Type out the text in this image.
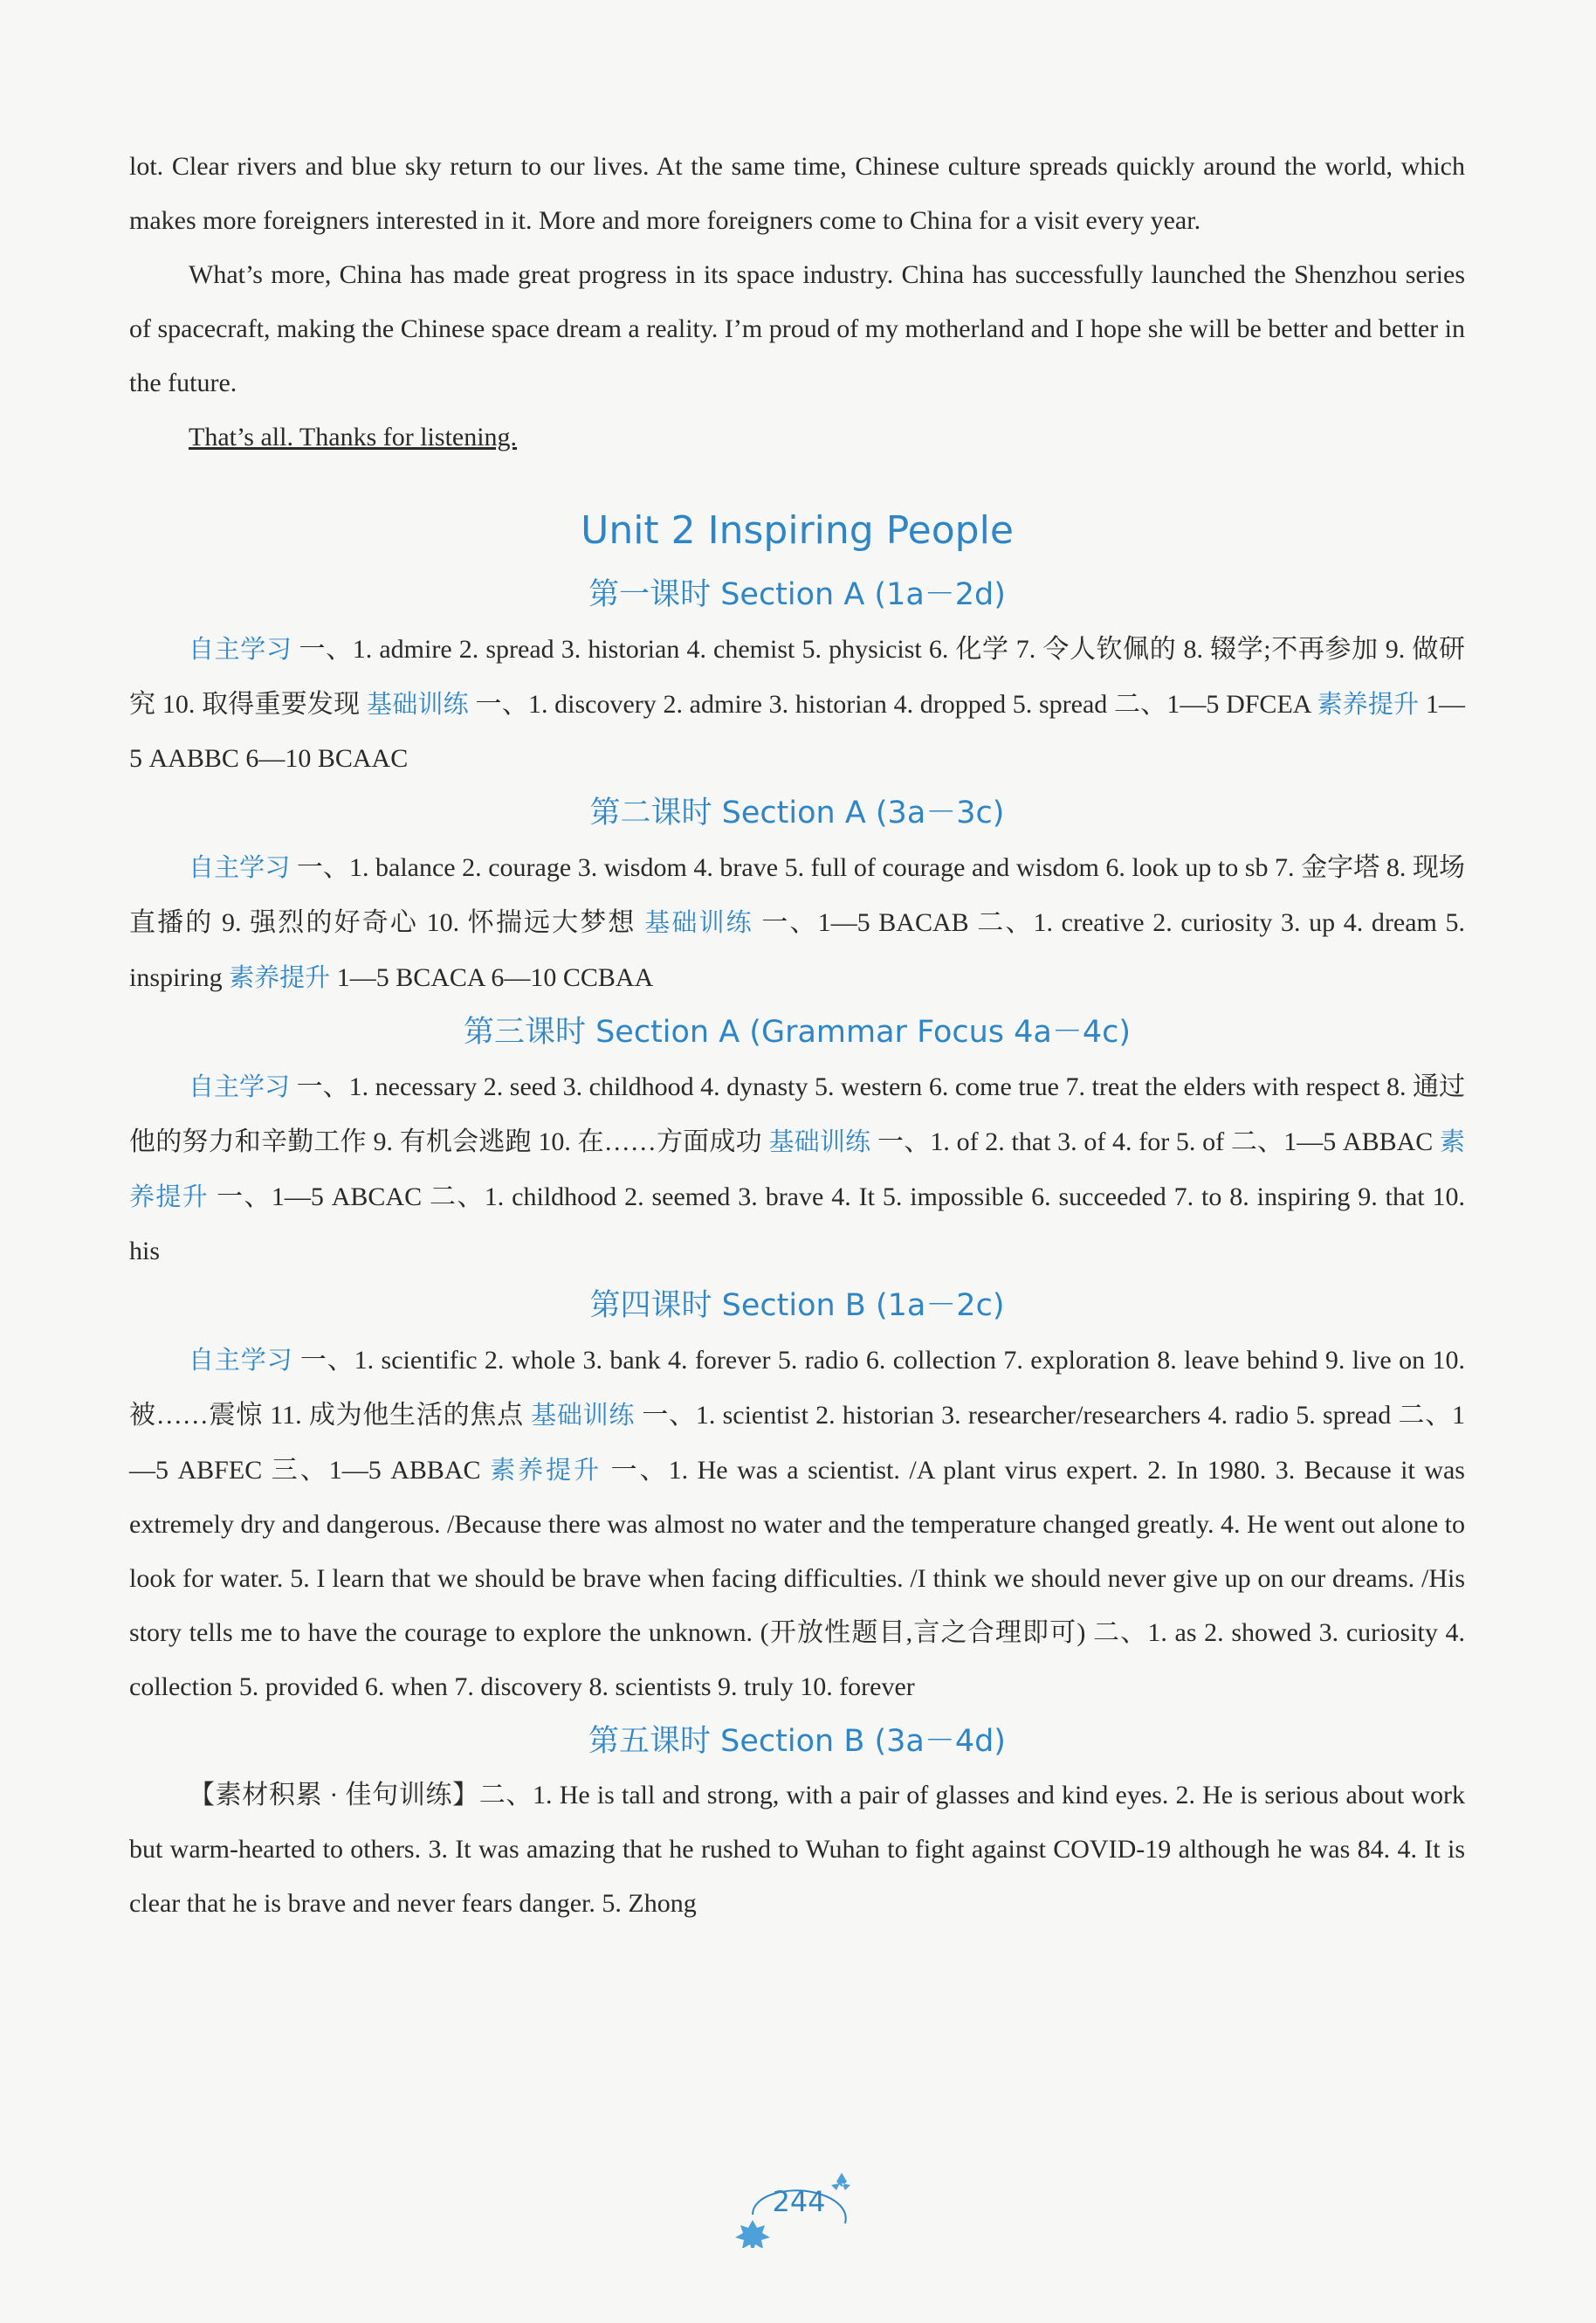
lot. Clear rivers and blue sky return to our lives. At the same time, Chinese culture spreads quickly around the world, which makes more foreigners interested in it. More and more foreigners come to China for a visit every year.

What’s more, China has made great progress in its space industry. China has successfully launched the Shenzhou series of spacecraft, making the Chinese space dream a reality. I’m proud of my motherland and I hope she will be better and better in the future.

That’s all. Thanks for listening.

Unit 2 Inspiring People
第一课时 Section A (1a－2d)

自主学习 一、1. admire 2. spread 3. historian 4. chemist 5. physicist 6. 化学 7. 令人钦佩的 8. 辍学;不再参加 9. 做研究 10. 取得重要发现 基础训练 一、1. discovery 2. admire 3. historian 4. dropped 5. spread 二、1—5 DFCEA 素养提升 1—5 AABBC 6—10 BCAAC

第二课时 Section A (3a－3c)

自主学习 一、1. balance 2. courage 3. wisdom 4. brave 5. full of courage and wisdom 6. look up to sb 7. 金字塔 8. 现场直播的 9. 强烈的好奇心 10. 怀揣远大梦想 基础训练 一、1—5 BACAB 二、1. creative 2. curiosity 3. up 4. dream 5. inspiring 素养提升 1—5 BCACA 6—10 CCBAA

第三课时 Section A (Grammar Focus 4a－4c)

自主学习 一、1. necessary 2. seed 3. childhood 4. dynasty 5. western 6. come true 7. treat the elders with respect 8. 通过他的努力和辛勤工作 9. 有机会逃跑 10. 在……方面成功 基础训练 一、1. of 2. that 3. of 4. for 5. of 二、1—5 ABBAC 素养提升 一、1—5 ABCAC 二、1. childhood 2. seemed 3. brave 4. It 5. impossible 6. succeeded 7. to 8. inspiring 9. that 10. his

第四课时 Section B (1a－2c)

自主学习 一、1. scientific 2. whole 3. bank 4. forever 5. radio 6. collection 7. exploration 8. leave behind 9. live on 10. 被……震惊 11. 成为他生活的焦点 基础训练 一、1. scientist 2. historian 3. researcher/researchers 4. radio 5. spread 二、1—5 ABFEC 三、1—5 ABBAC 素养提升 一、1. He was a scientist. /A plant virus expert. 2. In 1980. 3. Because it was extremely dry and dangerous. /Because there was almost no water and the temperature changed greatly. 4. He went out alone to look for water. 5. I learn that we should be brave when facing difficulties. /I think we should never give up on our dreams. /His story tells me to have the courage to explore the unknown. (开放性题目,言之合理即可) 二、1. as 2. showed 3. curiosity 4. collection 5. provided 6. when 7. discovery 8. scientists 9. truly 10. forever

第五课时 Section B (3a－4d)

【素材积累 · 佳句训练】二、1. He is tall and strong, with a pair of glasses and kind eyes. 2. He is serious about work but warm-hearted to others. 3. It was amazing that he rushed to Wuhan to fight against COVID-19 although he was 84. 4. It is clear that he is brave and never fears danger. 5. Zhong

244
